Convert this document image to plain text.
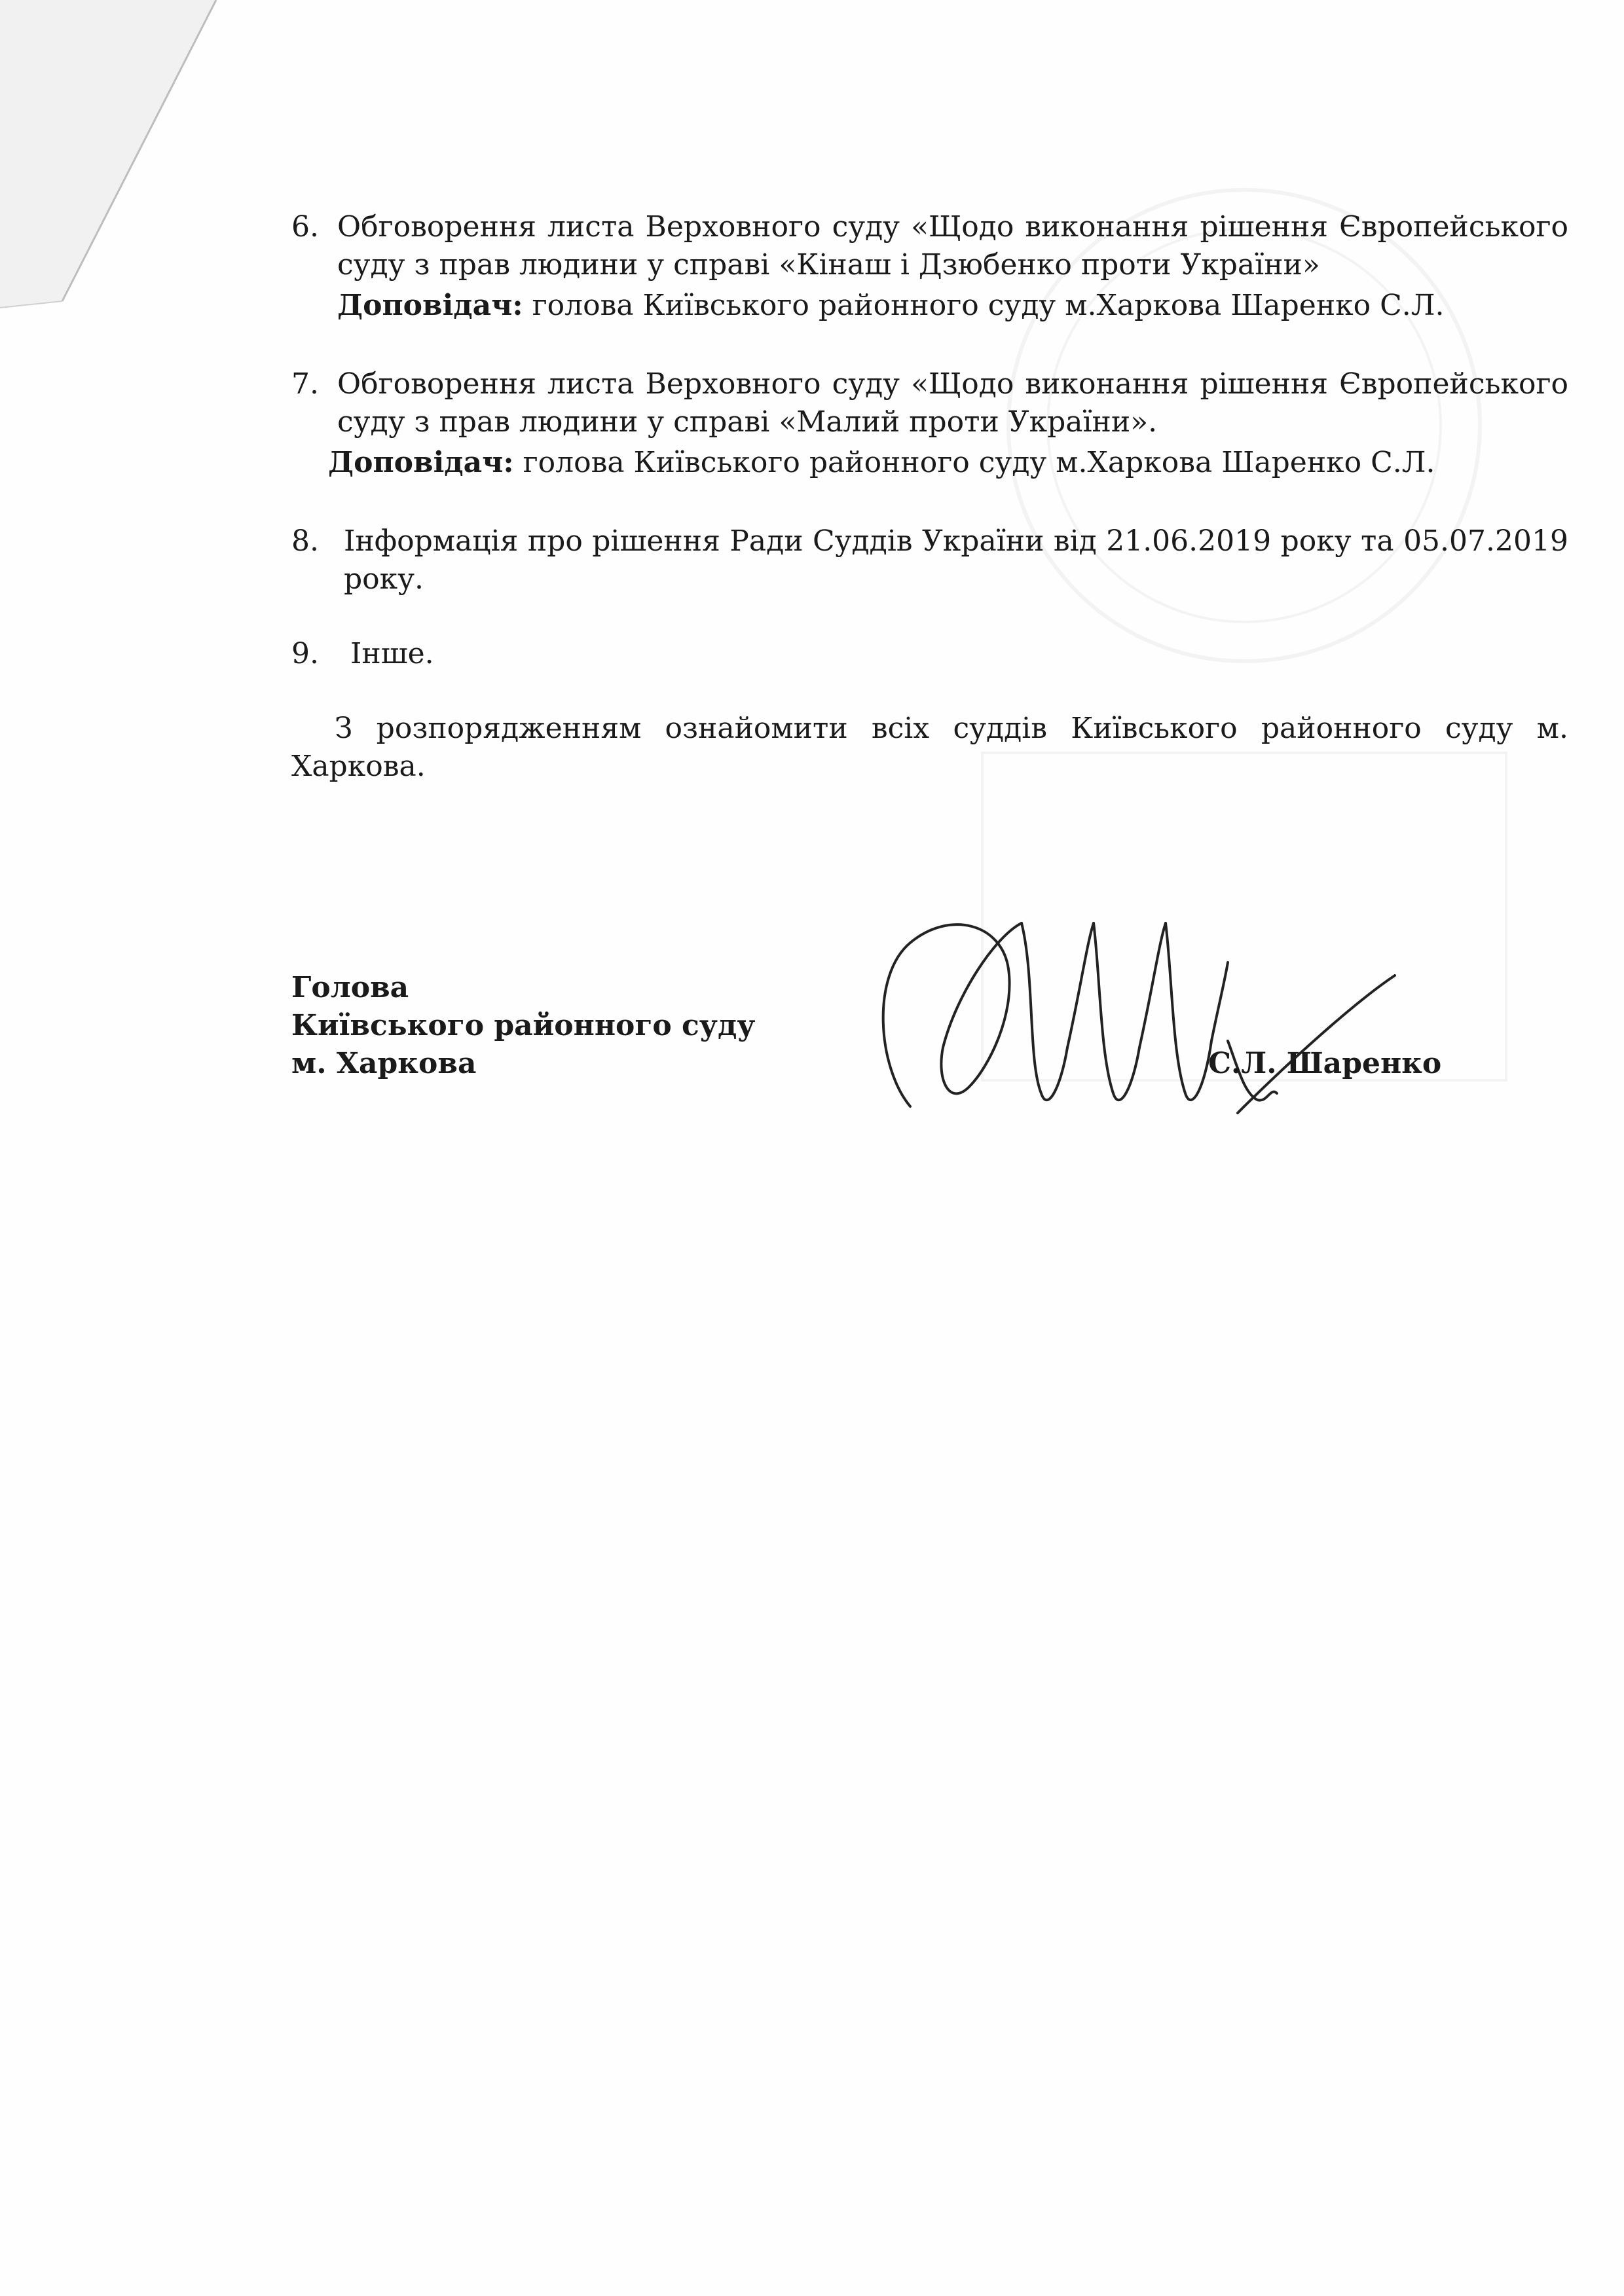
6. Обговорення листа Верховного суду «Щодо виконання рішення Європейського суду з прав людини у справі «Кінаш і Дзюбенко проти України»
Доповідач: голова Київського районного суду м.Харкова Шаренко С.Л.
7. Обговорення листа Верховного суду «Щодо виконання рішення Європейського суду з прав людини у справі «Малий проти України».
Доповідач: голова Київського районного суду м.Харкова Шаренко С.Л.
8. Інформація про рішення Ради Суддів України від 21.06.2019 року та 05.07.2019 року.
9. Інше.
З розпорядженням ознайомити всіх суддів Київського районного суду м. Харкова.
Голова
Київського районного суду
м. Харкова	С.Л. Шаренко
